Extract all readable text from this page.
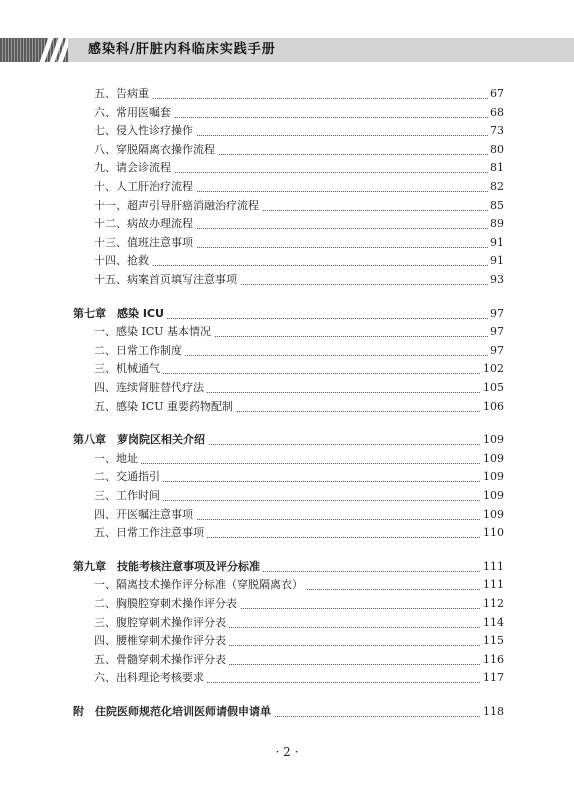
感染科/肝脏内科临床实践手册
五、告病重	67
六、常用医嘱套	68
七、侵入性诊疗操作	73
八、穿脱隔离衣操作流程	80
九、请会诊流程	81
十、人工肝治疗流程	82
十一、超声引导肝癌消融治疗流程	85
十二、病故办理流程	89
十三、值班注意事项	91
十四、抢救	91
十五、病案首页填写注意事项	93
第七章　感染 ICU	97
一、感染 ICU 基本情况	97
二、日常工作制度	97
三、机械通气	102
四、连续肾脏替代疗法	105
五、感染 ICU 重要药物配制	106
第八章　萝岗院区相关介绍	109
一、地址	109
二、交通指引	109
三、工作时间	109
四、开医嘱注意事项	109
五、日常工作注意事项	110
第九章　技能考核注意事项及评分标准	111
一、隔离技术操作评分标准（穿脱隔离衣）	111
二、胸膜腔穿刺术操作评分表	112
三、腹腔穿刺术操作评分表	114
四、腰椎穿刺术操作评分表	115
五、骨髓穿刺术操作评分表	116
六、出科理论考核要求	117
附　住院医师规范化培训医师请假申请单	118
· 2 ·
